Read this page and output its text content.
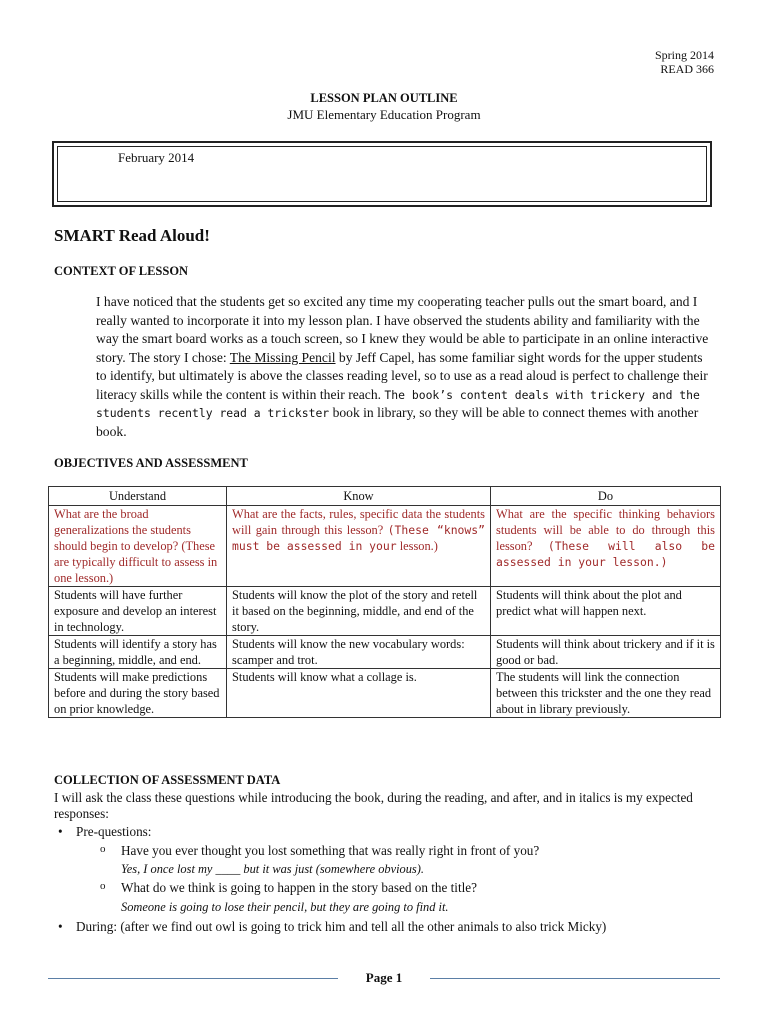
Spring 2014
READ 366
LESSON PLAN OUTLINE
JMU Elementary Education Program
February 2014
SMART Read Aloud!
CONTEXT OF LESSON
I have noticed that the students get so excited any time my cooperating teacher pulls out the smart board, and I really wanted to incorporate it into my lesson plan. I have observed the students ability and familiarity with the way the smart board works as a touch screen, so I knew they would be able to participate in an online interactive story. The story I chose: The Missing Pencil by Jeff Capel, has some familiar sight words for the upper students to identify, but ultimately is above the classes reading level, so to use as a read aloud is perfect to challenge their literacy skills while the content is within their reach. The book’s content deals with trickery and the students recently read a trickster book in library, so they will be able to connect themes with another book.
OBJECTIVES AND ASSESSMENT
Understand	Know	Do
What are the broad generalizations the students should begin to develop? (These are typically difficult to assess in one lesson.)	What are the facts, rules, specific data the students will gain through this lesson? (These “knows” must be assessed in your lesson.)	What are the specific thinking behaviors students will be able to do through this lesson? (These will also be assessed in your lesson.)
Students will have further exposure and develop an interest in technology.	Students will know the plot of the story and retell it based on the beginning, middle, and end of the story.	Students will think about the plot and predict what will happen next.
Students will identify a story has a beginning, middle, and end.	Students will know the new vocabulary words: scamper and trot.	Students will think about trickery and if it is good or bad.
Students will make predictions before and during the story based on prior knowledge.	Students will know what a collage is.	The students will link the connection between this trickster and the one they read about in library previously.
COLLECTION OF ASSESSMENT DATA
I will ask the class these questions while introducing the book, during the reading, and after, and in italics is my expected responses:
• Pre-questions:
o Have you ever thought you lost something that was really right in front of you?
Yes, I once lost my ____ but it was just (somewhere obvious).
o What do we think is going to happen in the story based on the title?
Someone is going to lose their pencil, but they are going to find it.
• During: (after we find out owl is going to trick him and tell all the other animals to also trick Micky)
Page 1
